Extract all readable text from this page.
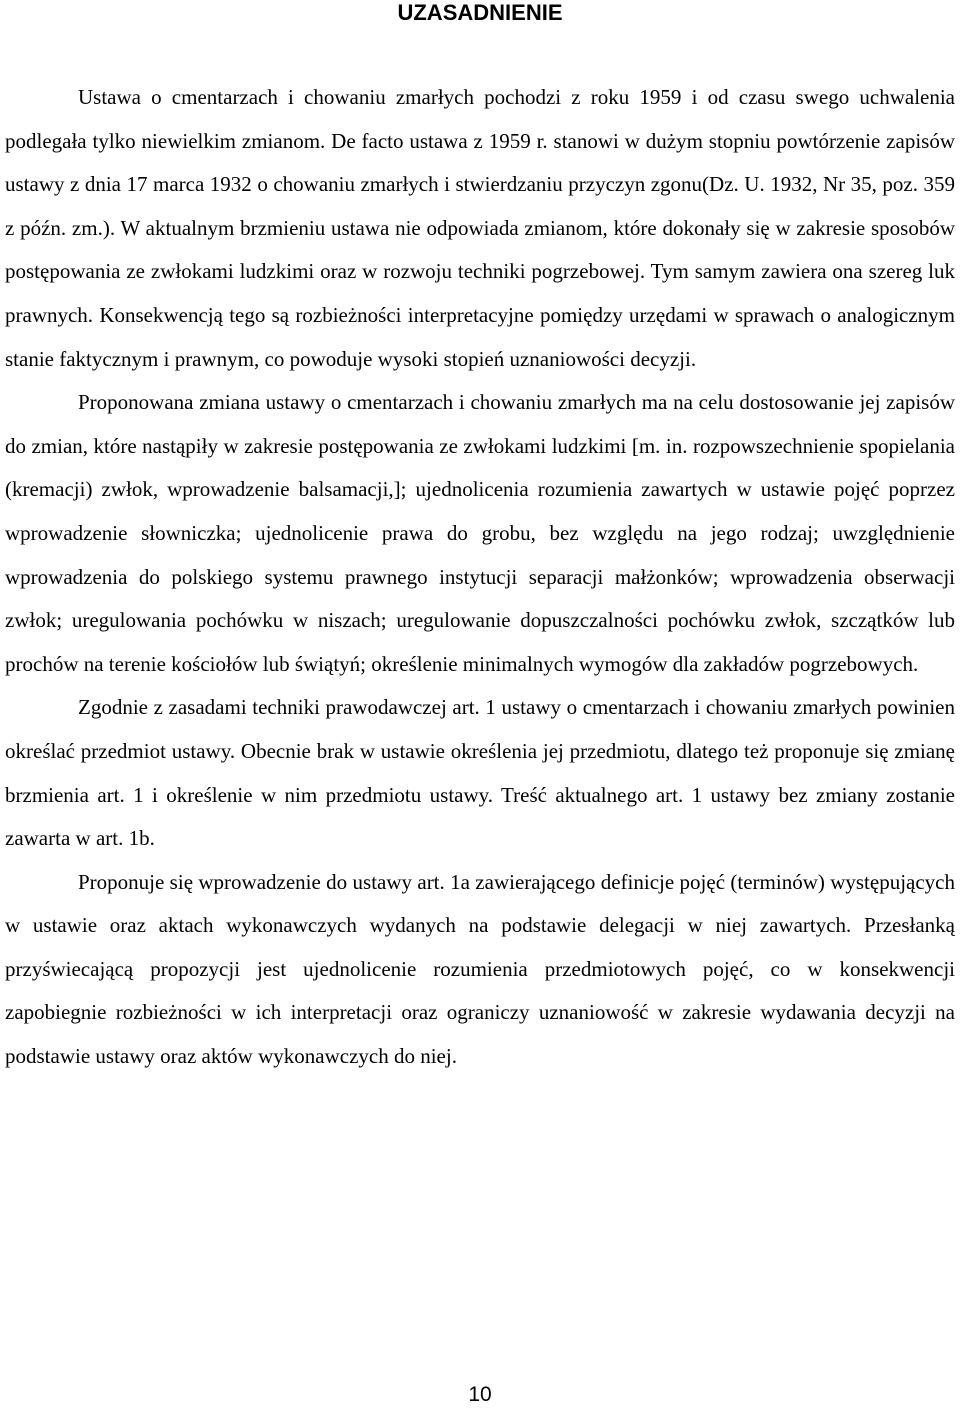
UZASADNIENIE

Ustawa o cmentarzach i chowaniu zmarłych pochodzi z roku 1959 i od czasu swego uchwalenia podlegała tylko niewielkim zmianom. De facto ustawa z 1959 r. stanowi w dużym stopniu powtórzenie zapisów ustawy z dnia 17 marca 1932 o chowaniu zmarłych i stwierdzaniu przyczyn zgonu(Dz. U. 1932, Nr 35, poz. 359 z późn. zm.). W aktualnym brzmieniu ustawa nie odpowiada zmianom, które dokonały się w zakresie sposobów postępowania ze zwłokami ludzkimi oraz w rozwoju techniki pogrzebowej. Tym samym zawiera ona szereg luk prawnych. Konsekwencją tego są rozbieżności interpretacyjne pomiędzy urzędami w sprawach o analogicznym stanie faktycznym i prawnym, co powoduje wysoki stopień uznaniowości decyzji.

Proponowana zmiana ustawy o cmentarzach i chowaniu zmarłych ma na celu dostosowanie jej zapisów do zmian, które nastąpiły w zakresie postępowania ze zwłokami ludzkimi [m. in. rozpowszechnienie spopielania (kremacji) zwłok, wprowadzenie balsamacji,]; ujednolicenia rozumienia zawartych w ustawie pojęć poprzez wprowadzenie słowniczka; ujednolicenie prawa do grobu, bez względu na jego rodzaj; uwzględnienie wprowadzenia do polskiego systemu prawnego instytucji separacji małżonków; wprowadzenia obserwacji zwłok; uregulowania pochówku w niszach; uregulowanie dopuszczalności pochówku zwłok, szczątków lub prochów na terenie kościołów lub świątyń; określenie minimalnych wymogów dla zakładów pogrzebowych.

Zgodnie z zasadami techniki prawodawczej art. 1 ustawy o cmentarzach i chowaniu zmarłych powinien określać przedmiot ustawy. Obecnie brak w ustawie określenia jej przedmiotu, dlatego też proponuje się zmianę brzmienia art. 1 i określenie w nim przedmiotu ustawy. Treść aktualnego art. 1 ustawy bez zmiany zostanie zawarta w art. 1b.

Proponuje się wprowadzenie do ustawy art. 1a zawierającego definicje pojęć (terminów) występujących w ustawie oraz aktach wykonawczych wydanych na podstawie delegacji w niej zawartych. Przesłanką przyświecającą propozycji jest ujednolicenie rozumienia przedmiotowych pojęć, co w konsekwencji zapobiegnie rozbieżności w ich interpretacji oraz ograniczy uznaniowość w zakresie wydawania decyzji na podstawie ustawy oraz aktów wykonawczych do niej.

10
